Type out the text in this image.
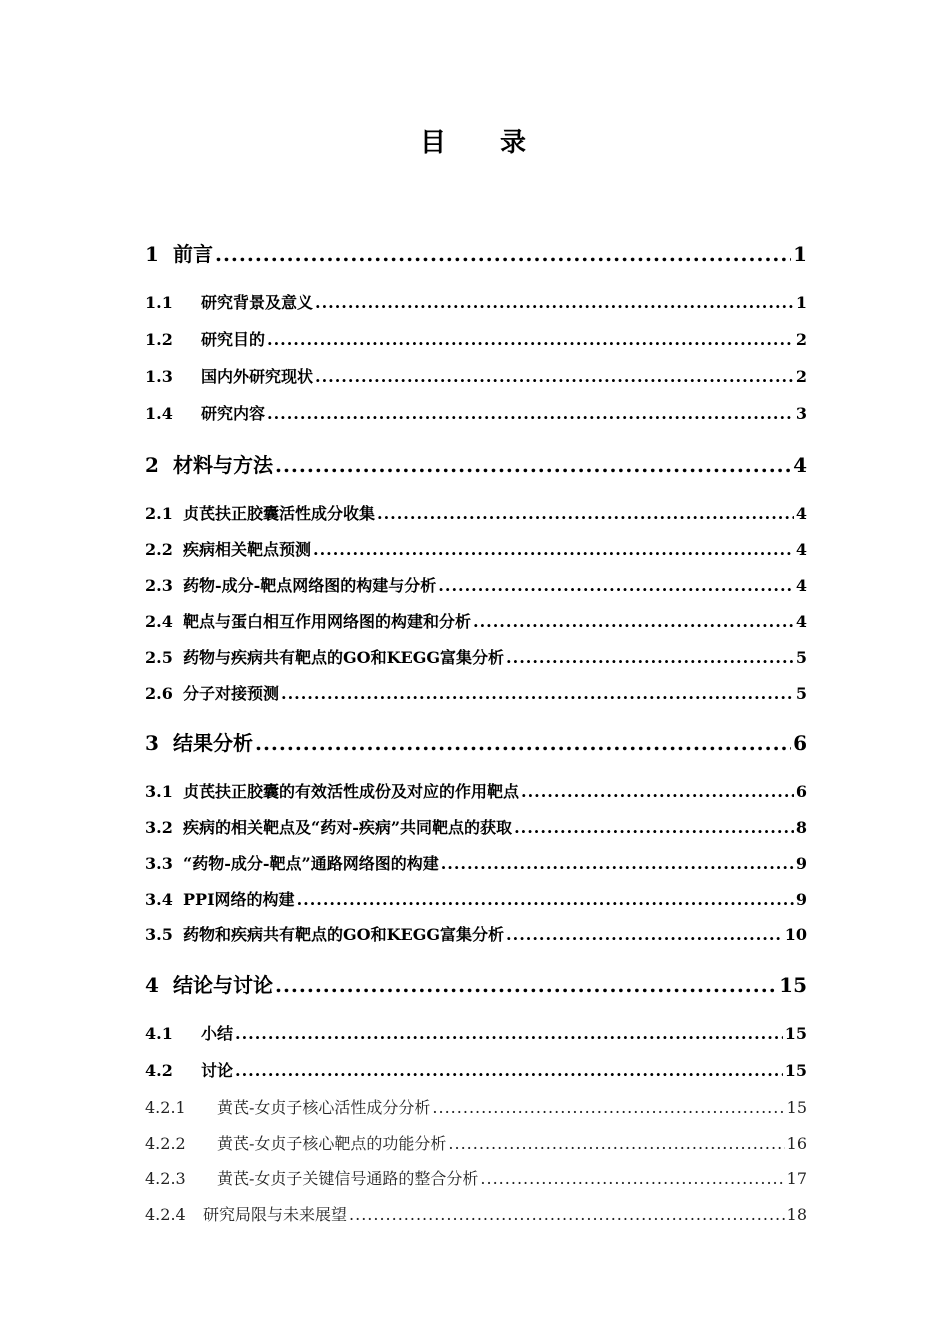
目 录
1 前言 .....	1
1.1 研究背景及意义 .....	1
1.2 研究目的 .....	2
1.3 国内外研究现状 .....	2
1.4 研究内容 .....	3
2 材料与方法 .....	4
2.1 贞芪扶正胶囊活性成分收集 .....	4
2.2 疾病相关靶点预测 .....	4
2.3 药物-成分-靶点网络图的构建与分析 .....	4
2.4 靶点与蛋白相互作用网络图的构建和分析 .....	4
2.5 药物与疾病共有靶点的GO和KEGG富集分析 .....	5
2.6 分子对接预测 .....	5
3 结果分析 .....	6
3.1 贞芪扶正胶囊的有效活性成份及对应的作用靶点 .....	6
3.2 疾病的相关靶点及“药对-疾病”共同靶点的获取 .....	8
3.3 “药物-成分-靶点”通路网络图的构建 .....	9
3.4 PPI网络的构建 .....	9
3.5 药物和疾病共有靶点的GO和KEGG富集分析 .....	10
4 结论与讨论 .....	15
4.1 小结 .....	15
4.2 讨论 .....	15
4.2.1 黄芪-女贞子核心活性成分分析 .....	15
4.2.2 黄芪-女贞子核心靶点的功能分析 .....	16
4.2.3 黄芪-女贞子关键信号通路的整合分析 .....	17
4.2.4 研究局限与未来展望 .....	18
